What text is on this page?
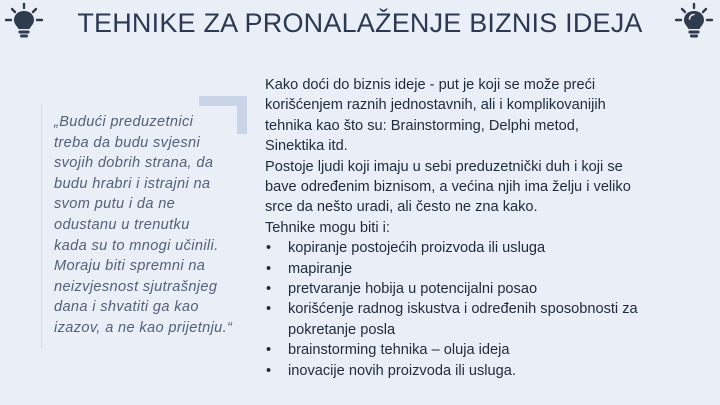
TEHNIKE ZA PRONALAŽENJE BIZNIS IDEJA
„Budući preduzetnici
treba da budu svjesni
svojih dobrih strana, da
budu hrabri i istrajni na
svom putu i da ne
odustanu u trenutku
kada su to mnogi učinili.
Moraju biti spremni na
neizvjesnost sjutrašnjeg
dana i shvatiti ga kao
izazov, a ne kao prijetnju.“
Kako doći do biznis ideje - put je koji se može preći
korišćenjem raznih jednostavnih, ali i komplikovanijih
tehnika kao što su: Brainstorming, Delphi metod,
Sinektika itd.
Postoje ljudi koji imaju u sebi preduzetnički duh i koji se
bave određenim biznisom, a većina njih ima želju i veliko
srce da nešto uradi, ali često ne zna kako.
Tehnike mogu biti i:
• kopiranje postojećih proizvoda ili usluga
• mapiranje
• pretvaranje hobija u potencijalni posao
• korišćenje radnog iskustva i određenih sposobnosti za
pokretanje posla
• brainstorming tehnika – oluja ideja
• inovacije novih proizvoda ili usluga.
